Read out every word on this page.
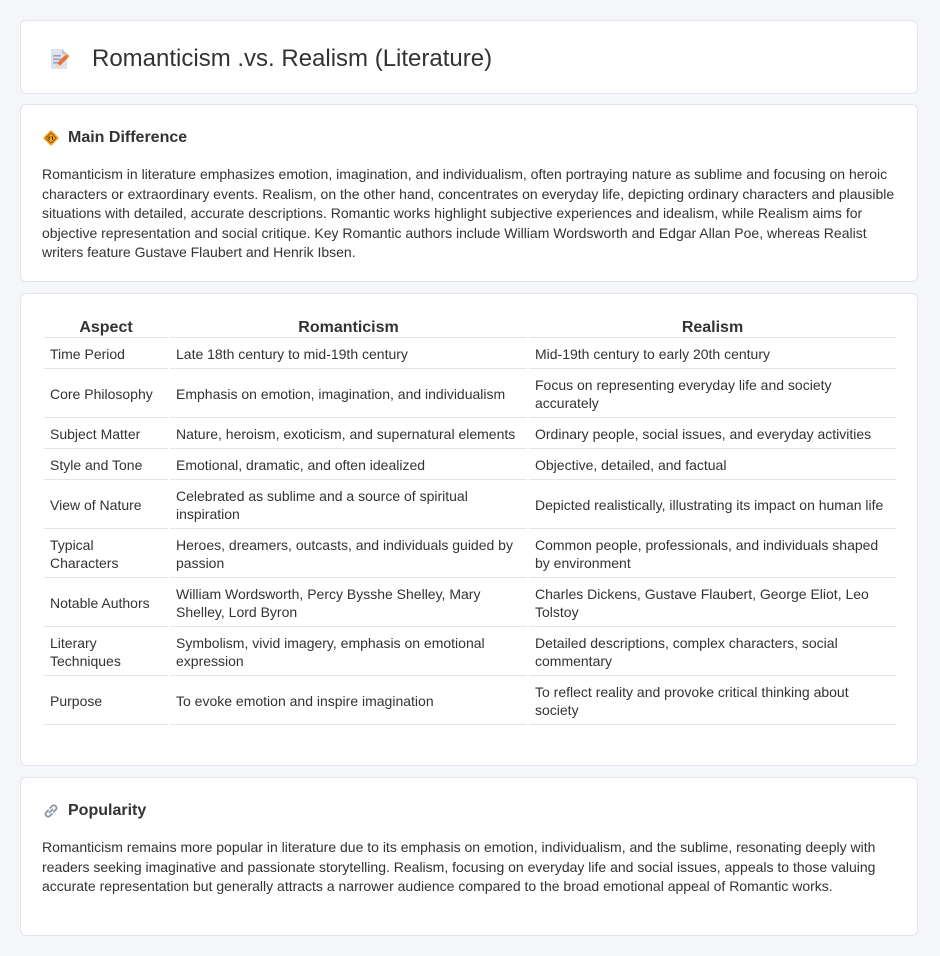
Romanticism .vs. Realism (Literature)
Main Difference

Romanticism in literature emphasizes emotion, imagination, and individualism, often portraying nature as sublime and focusing on heroic characters or extraordinary events. Realism, on the other hand, concentrates on everyday life, depicting ordinary characters and plausible situations with detailed, accurate descriptions. Romantic works highlight subjective experiences and idealism, while Realism aims for objective representation and social critique. Key Romantic authors include William Wordsworth and Edgar Allan Poe, whereas Realist writers feature Gustave Flaubert and Henrik Ibsen.

Aspect	Romanticism	Realism
Time Period	Late 18th century to mid-19th century	Mid-19th century to early 20th century
Core Philosophy	Emphasis on emotion, imagination, and individualism	Focus on representing everyday life and society accurately
Subject Matter	Nature, heroism, exoticism, and supernatural elements	Ordinary people, social issues, and everyday activities
Style and Tone	Emotional, dramatic, and often idealized	Objective, detailed, and factual
View of Nature	Celebrated as sublime and a source of spiritual inspiration	Depicted realistically, illustrating its impact on human life
Typical Characters	Heroes, dreamers, outcasts, and individuals guided by passion	Common people, professionals, and individuals shaped by environment
Notable Authors	William Wordsworth, Percy Bysshe Shelley, Mary Shelley, Lord Byron	Charles Dickens, Gustave Flaubert, George Eliot, Leo Tolstoy
Literary Techniques	Symbolism, vivid imagery, emphasis on emotional expression	Detailed descriptions, complex characters, social commentary
Purpose	To evoke emotion and inspire imagination	To reflect reality and provoke critical thinking about society
Popularity

Romanticism remains more popular in literature due to its emphasis on emotion, individualism, and the sublime, resonating deeply with readers seeking imaginative and passionate storytelling. Realism, focusing on everyday life and social issues, appeals to those valuing accurate representation but generally attracts a narrower audience compared to the broad emotional appeal of Romantic works.
